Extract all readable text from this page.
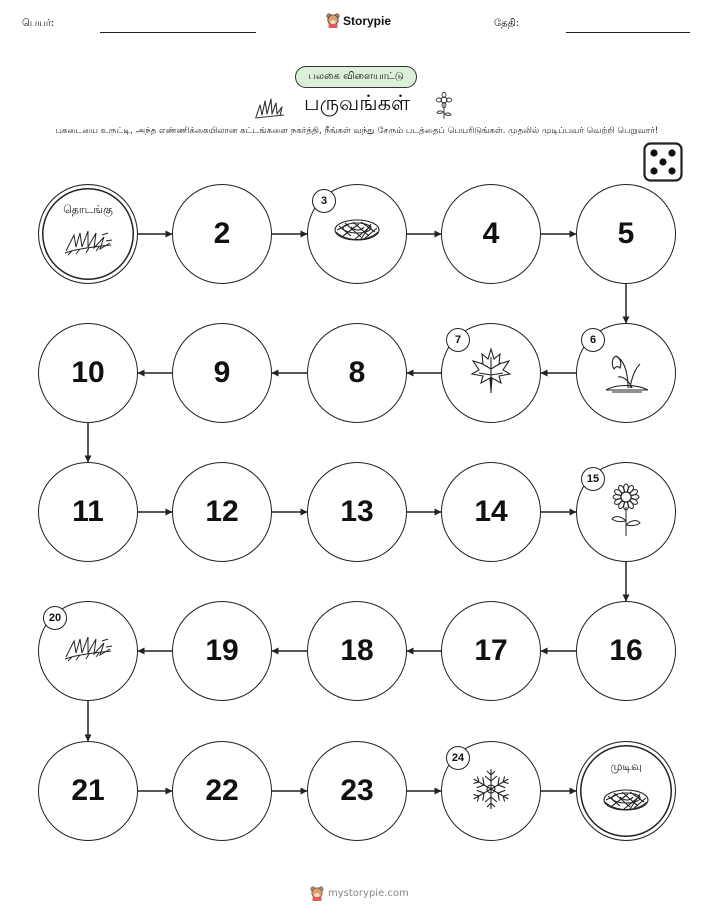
பெயர்:	Storypie	தேதி:
பலகை விளையாட்டு
பருவங்கள்
பகடையை உருட்டி, அந்த எண்ணிக்கையிலான கட்டங்களை நகர்த்தி, நீங்கள் வந்து சேரும் படத்தைப் பெயரிடுங்கள். முதலில் முடிப்பவர் வெற்றி பெறுவார்!
தொடங்கு
2
3
4	5
6
7
8
9
10
11	12	13	14
15
16
17
18
19
20
21	22	23
24
முடிவு
mystorypie.com
